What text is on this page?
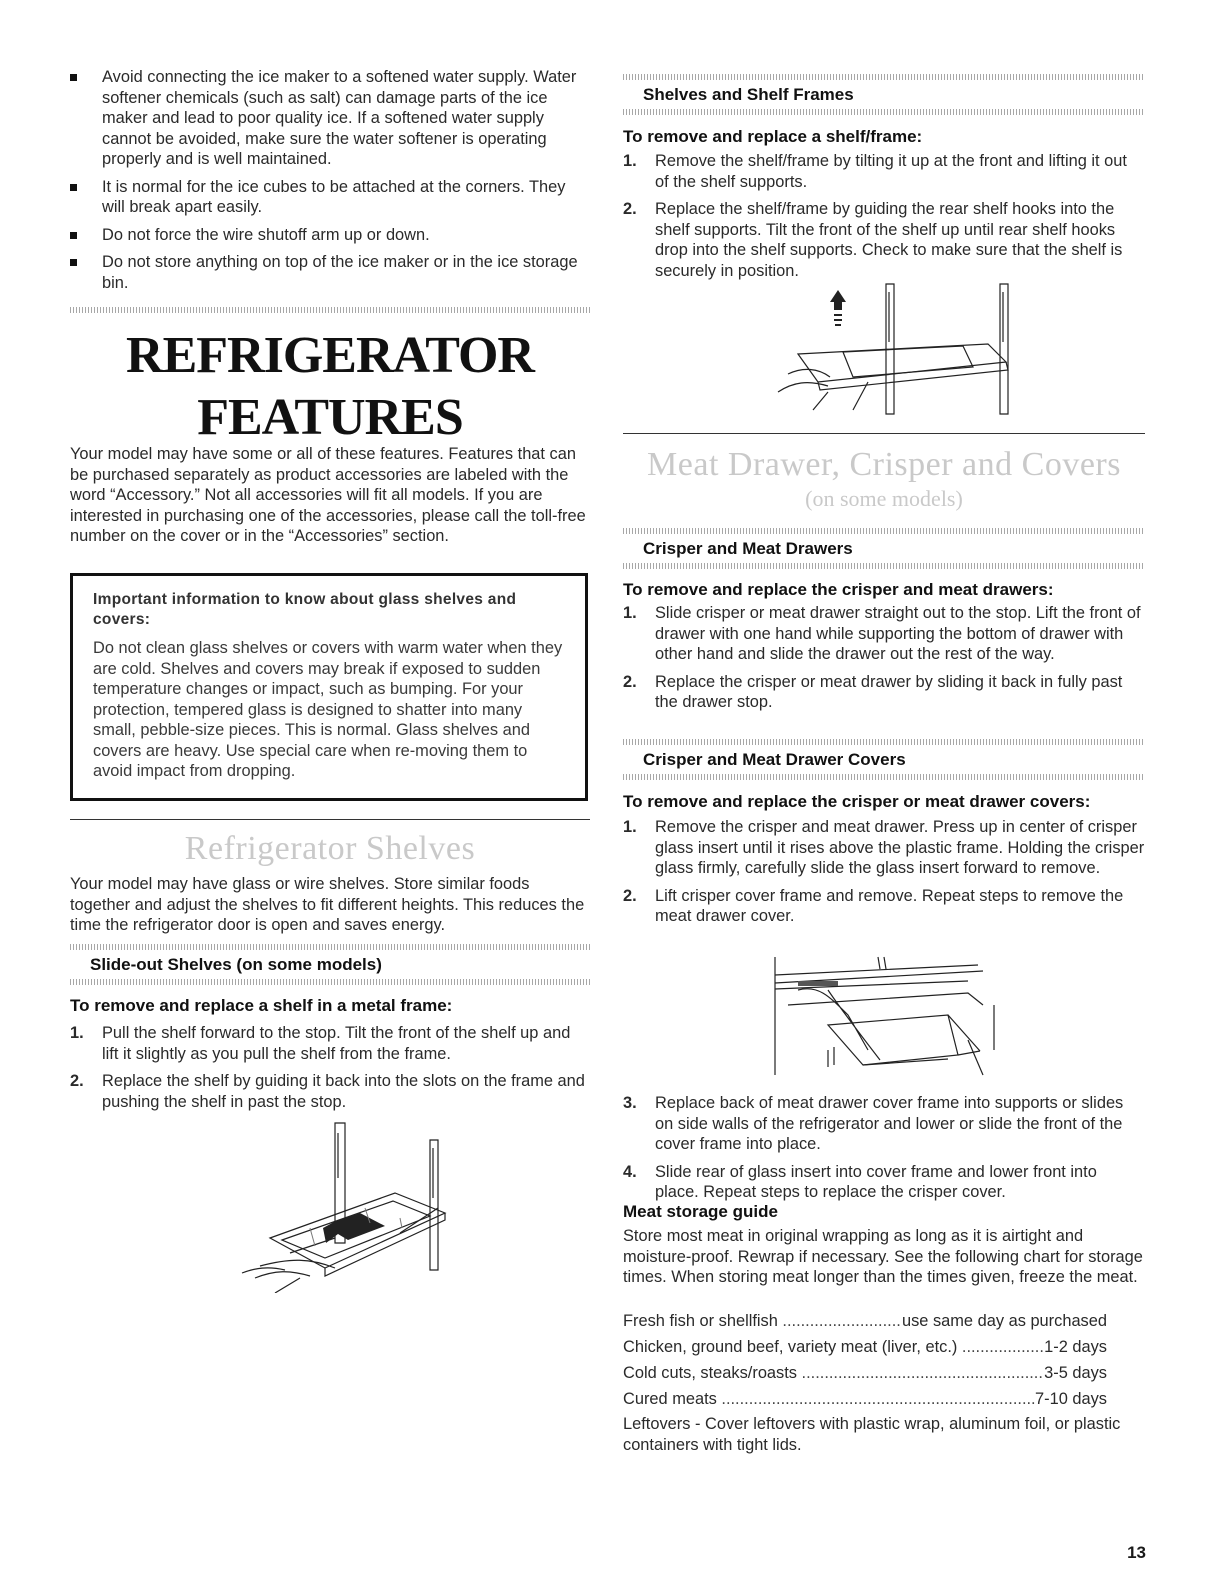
Avoid connecting the ice maker to a softened water supply. Water softener chemicals (such as salt) can damage parts of the ice maker and lead to poor quality ice. If a softened water supply cannot be avoided, make sure the water softener is operating properly and is well maintained.
It is normal for the ice cubes to be attached at the corners. They will break apart easily.
Do not force the wire shutoff arm up or down.
Do not store anything on top of the ice maker or in the ice storage bin.
REFRIGERATOR
FEATURES

Your model may have some or all of these features. Features that can be purchased separately as product accessories are labeled with the word “Accessory.” Not all accessories will fit all models. If you are interested in purchasing one of the accessories, please call the toll-free number on the cover or in the “Accessories” section.

Important information to know about glass shelves and covers:

Do not clean glass shelves or covers with warm water when they are cold. Shelves and covers may break if exposed to sudden temperature changes or impact, such as bumping. For your protection, tempered glass is designed to shatter into many small, pebble-size pieces. This is normal. Glass shelves and covers are heavy. Use special care when re-moving them to avoid impact from dropping.

Refrigerator Shelves

Your model may have glass or wire shelves. Store similar foods together and adjust the shelves to fit different heights. This reduces the time the refrigerator door is open and saves energy.

Slide-out Shelves (on some models)
To remove and replace a shelf in a metal frame:
1. Pull the shelf forward to the stop. Tilt the front of the shelf up and lift it slightly as you pull the shelf from the frame.
2. Replace the shelf by guiding it back into the slots on the frame and pushing the shelf in past the stop.
Shelves and Shelf Frames
To remove and replace a shelf/frame:
1. Remove the shelf/frame by tilting it up at the front and lifting it out of the shelf supports.
2. Replace the shelf/frame by guiding the rear shelf hooks into the shelf supports. Tilt the front of the shelf up until rear shelf hooks drop into the shelf supports. Check to make sure that the shelf is securely in position.
Meat Drawer, Crisper and Covers
(on some models)
Crisper and Meat Drawers
To remove and replace the crisper and meat drawers:
1. Slide crisper or meat drawer straight out to the stop. Lift the front of drawer with one hand while supporting the bottom of drawer with other hand and slide the drawer out the rest of the way.
2. Replace the crisper or meat drawer by sliding it back in fully past the drawer stop.
Crisper and Meat Drawer Covers
To remove and replace the crisper or meat drawer covers:
1. Remove the crisper and meat drawer. Press up in center of crisper glass insert until it rises above the plastic frame. Holding the crisper glass firmly, carefully slide the glass insert forward to remove.
2. Lift crisper cover frame and remove. Repeat steps to remove the meat drawer cover.
3. Replace back of meat drawer cover frame into supports or slides on side walls of the refrigerator and lower or slide the front of the cover frame into place.
4. Slide rear of glass insert into cover frame and lower front into place. Repeat steps to replace the crisper cover.
Meat storage guide

Store most meat in original wrapping as long as it is airtight and moisture-proof. Rewrap if necessary. See the following chart for storage times. When storing meat longer than the times given, freeze the meat.

Fresh fish or shellfish .....	use same day as purchased
Chicken, ground beef, variety meat (liver, etc.) .....	1-2 days
Cold cuts, steaks/roasts .....	3-5 days
Cured meats .....	7-10 days

Leftovers - Cover leftovers with plastic wrap, aluminum foil, or plastic containers with tight lids.

13
